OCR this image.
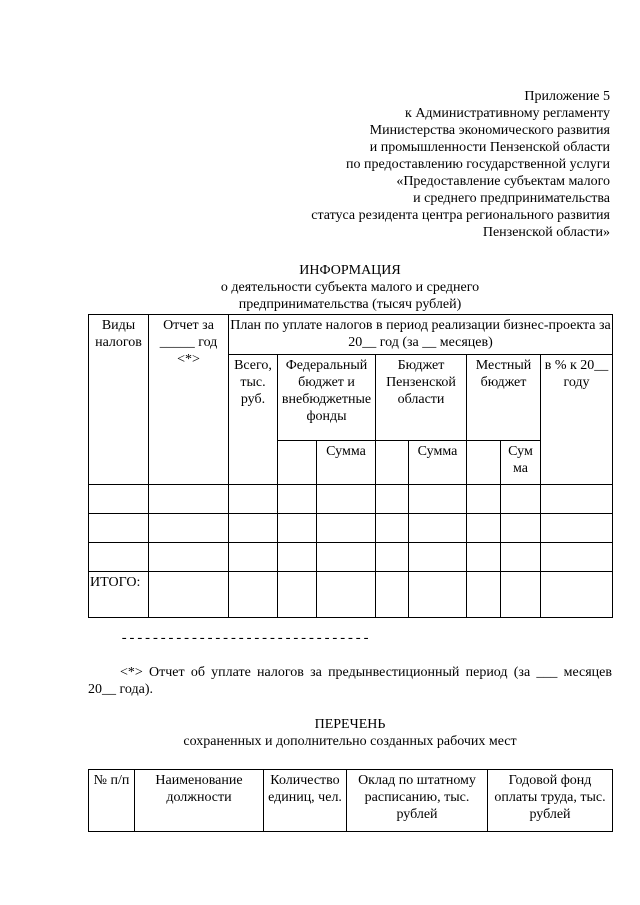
Приложение 5
к Административному регламенту
Министерства экономического развития
и промышленности Пензенской области
по предоставлению государственной услуги
«Предоставление субъектам малого
и среднего предпринимательства
статуса резидента центра регионального развития
Пензенской области»
ИНФОРМАЦИЯ
о деятельности субъекта малого и среднего
предпринимательства (тысяч рублей)
Виды налогов	Отчет за _____ год <*>	План по уплате налогов в период реализации бизнес-проекта за 20__ год (за __ месяцев)							
		Всего, тыс. руб.	Федеральный бюджет и внебюджетные фонды		Бюджет Пензенской области		Местный бюджет		в % к 20__ году
				Сумма		Сумма		Сум ма	

ИТОГО:									
--------------------------------
<*> Отчет об уплате налогов за предынвестиционный период (за ___ месяцев 20__ года).
ПЕРЕЧЕНЬ
сохраненных и дополнительно созданных рабочих мест
№ п/п	Наименование должности	Количество единиц, чел.	Оклад по штатному расписанию, тыс. рублей	Годовой фонд оплаты труда, тыс. рублей
